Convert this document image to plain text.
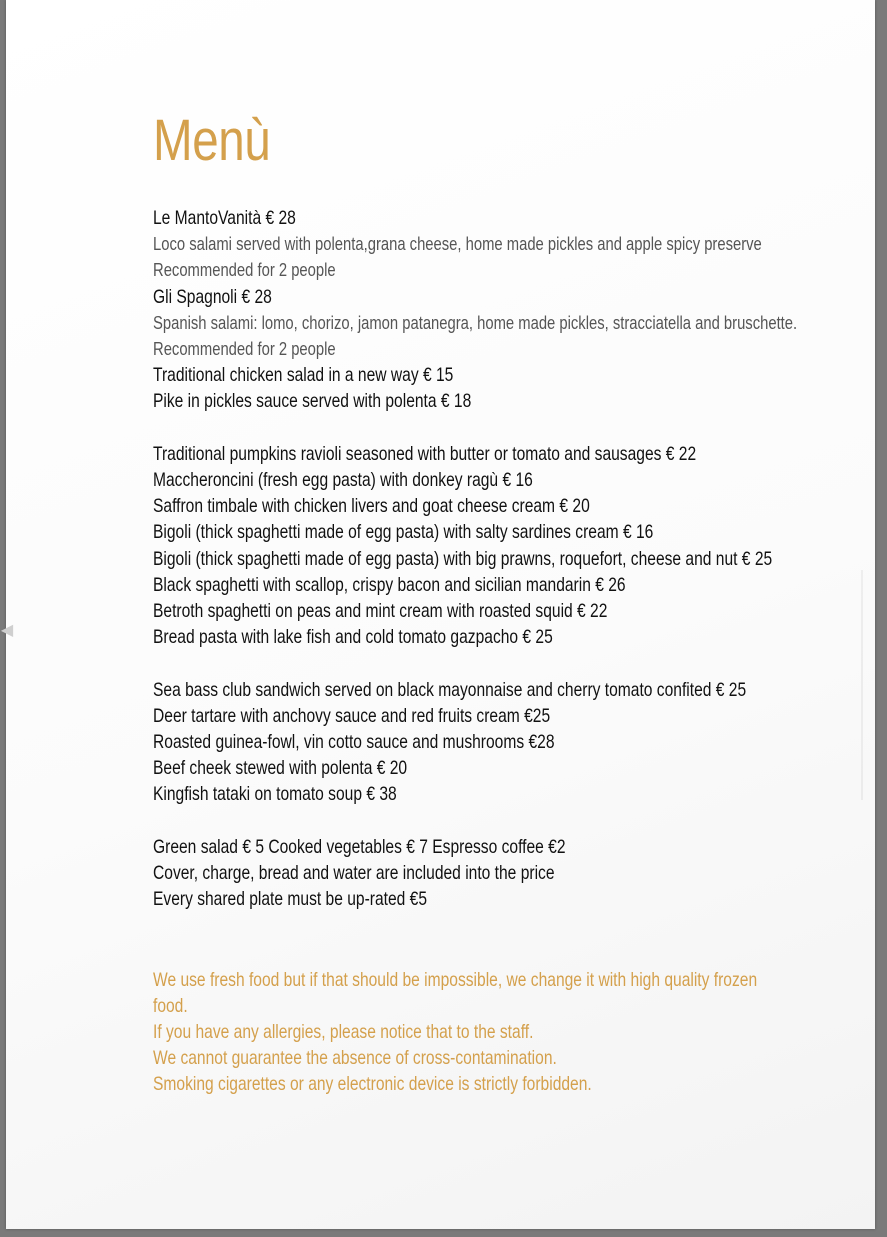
Menù
Le MantoVanità € 28
Loco salami served with polenta,grana cheese, home made pickles and apple spicy preserve
Recommended for 2 people
Gli Spagnoli € 28
Spanish salami: lomo, chorizo, jamon patanegra, home made pickles, stracciatella and bruschette.
Recommended for 2 people
Traditional chicken salad in a new way € 15
Pike in pickles sauce served with polenta € 18
Traditional pumpkins ravioli seasoned with butter or tomato and sausages € 22
Maccheroncini (fresh egg pasta) with donkey ragù € 16
Saffron timbale with chicken livers and goat cheese cream € 20
Bigoli (thick spaghetti made of egg pasta) with salty sardines cream € 16
Bigoli (thick spaghetti made of egg pasta) with big prawns, roquefort, cheese and nut € 25
Black spaghetti with scallop, crispy bacon and sicilian mandarin € 26
Betroth spaghetti on peas and mint cream with roasted squid € 22
Bread pasta with lake fish and cold tomato gazpacho € 25
Sea bass club sandwich served on black mayonnaise and cherry tomato confited € 25
Deer tartare with anchovy sauce and red fruits cream €25
Roasted guinea-fowl, vin cotto sauce and mushrooms €28
Beef cheek stewed with polenta € 20
Kingfish tataki on tomato soup € 38
Green salad € 5 Cooked vegetables € 7 Espresso coffee €2
Cover, charge, bread and water are included into the price
Every shared plate must be up-rated €5
We use fresh food but if that should be impossible, we change it with high quality frozen
food.
If you have any allergies, please notice that to the staff.
We cannot guarantee the absence of cross-contamination.
Smoking cigarettes or any electronic device is strictly forbidden.
◀
